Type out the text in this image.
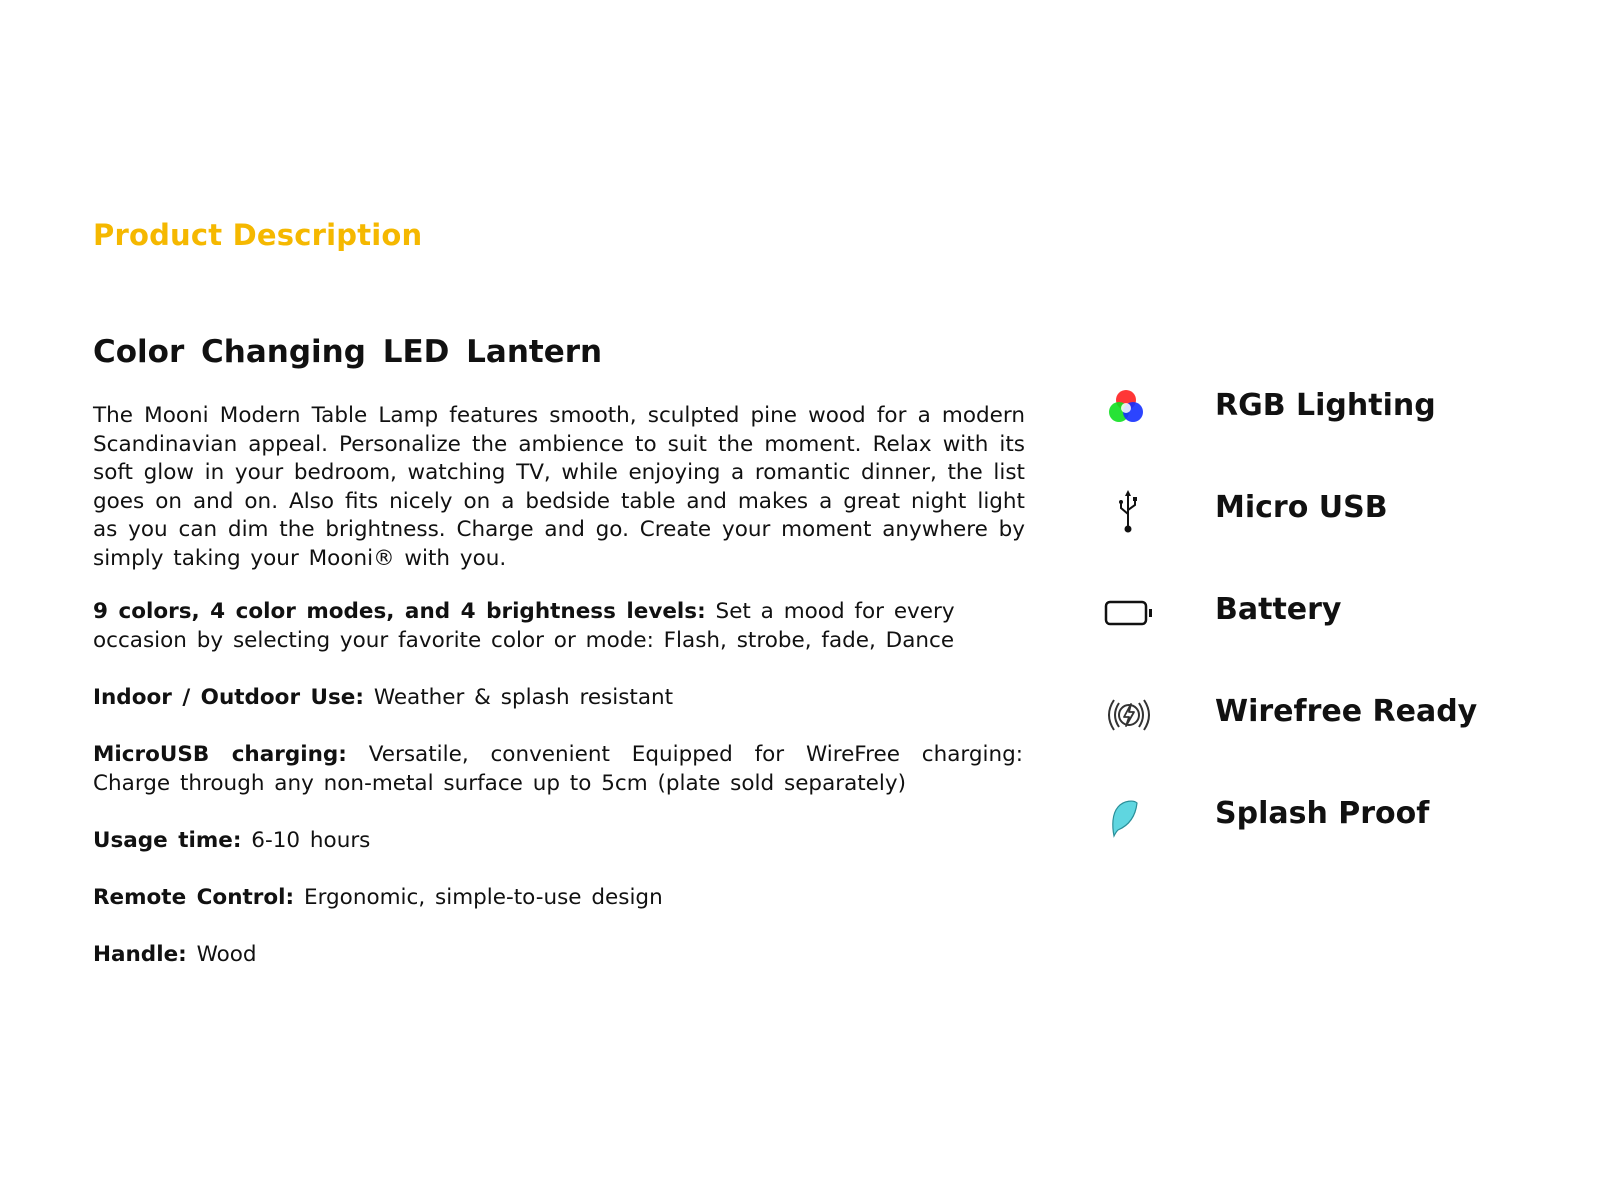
Product Description
Color Changing LED Lantern

The Mooni Modern Table Lamp features smooth, sculpted pine wood for a modern Scandinavian appeal. Personalize the ambience to suit the moment. Relax with its soft glow in your bedroom, watching TV, while enjoying a romantic dinner, the list goes on and on. Also fits nicely on a bedside table and makes a great night light as you can dim the brightness. Charge and go. Create your moment anywhere by simply taking your Mooni® with you.

9 colors, 4 color modes, and 4 brightness levels: Set a mood for every occasion by selecting your favorite color or mode: Flash, strobe, fade, Dance

Indoor / Outdoor Use: Weather & splash resistant

MicroUSB charging: Versatile, convenient Equipped for WireFree charging: Charge through any non-metal surface up to 5cm (plate sold separately)

Usage time: 6-10 hours

Remote Control: Ergonomic, simple-to-use design

Handle: Wood

RGB Lighting
Micro USB
Battery
Wirefree Ready
Splash Proof
